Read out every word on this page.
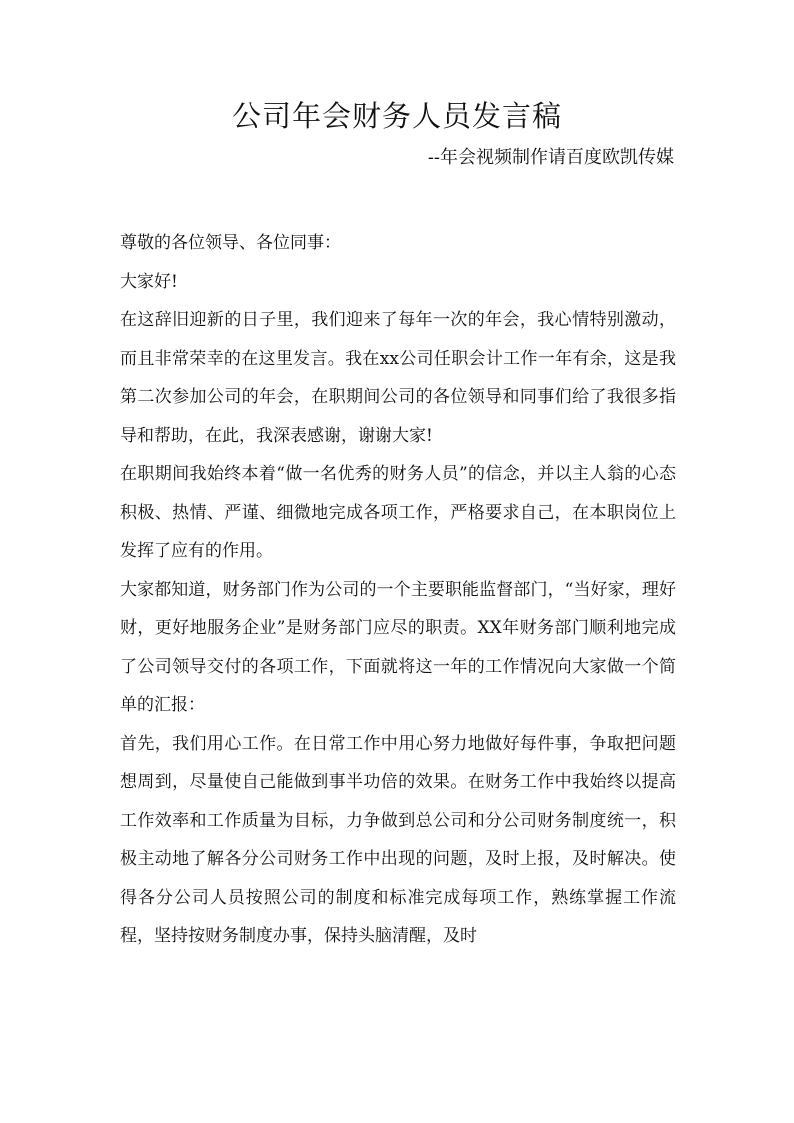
公司年会财务人员发言稿
--年会视频制作请百度欧凯传媒

尊敬的各位领导、各位同事：

大家好!

在这辞旧迎新的日子里，我们迎来了每年一次的年会，我心情特别激动，而且非常荣幸的在这里发言。我在xx公司任职会计工作一年有余，这是我第二次参加公司的年会，在职期间公司的各位领导和同事们给了我很多指导和帮助，在此，我深表感谢，谢谢大家!

在职期间我始终本着“做一名优秀的财务人员”的信念，并以主人翁的心态积极、热情、严谨、细微地完成各项工作，严格要求自己，在本职岗位上发挥了应有的作用。

大家都知道，财务部门作为公司的一个主要职能监督部门，“当好家，理好财，更好地服务企业”是财务部门应尽的职责。XX年财务部门顺利地完成了公司领导交付的各项工作，下面就将这一年的工作情况向大家做一个简单的汇报：

首先，我们用心工作。在日常工作中用心努力地做好每件事，争取把问题想周到，尽量使自己能做到事半功倍的效果。在财务工作中我始终以提高工作效率和工作质量为目标，力争做到总公司和分公司财务制度统一，积极主动地了解各分公司财务工作中出现的问题，及时上报，及时解决。使得各分公司人员按照公司的制度和标准完成每项工作，熟练掌握工作流程，坚持按财务制度办事，保持头脑清醒，及时
